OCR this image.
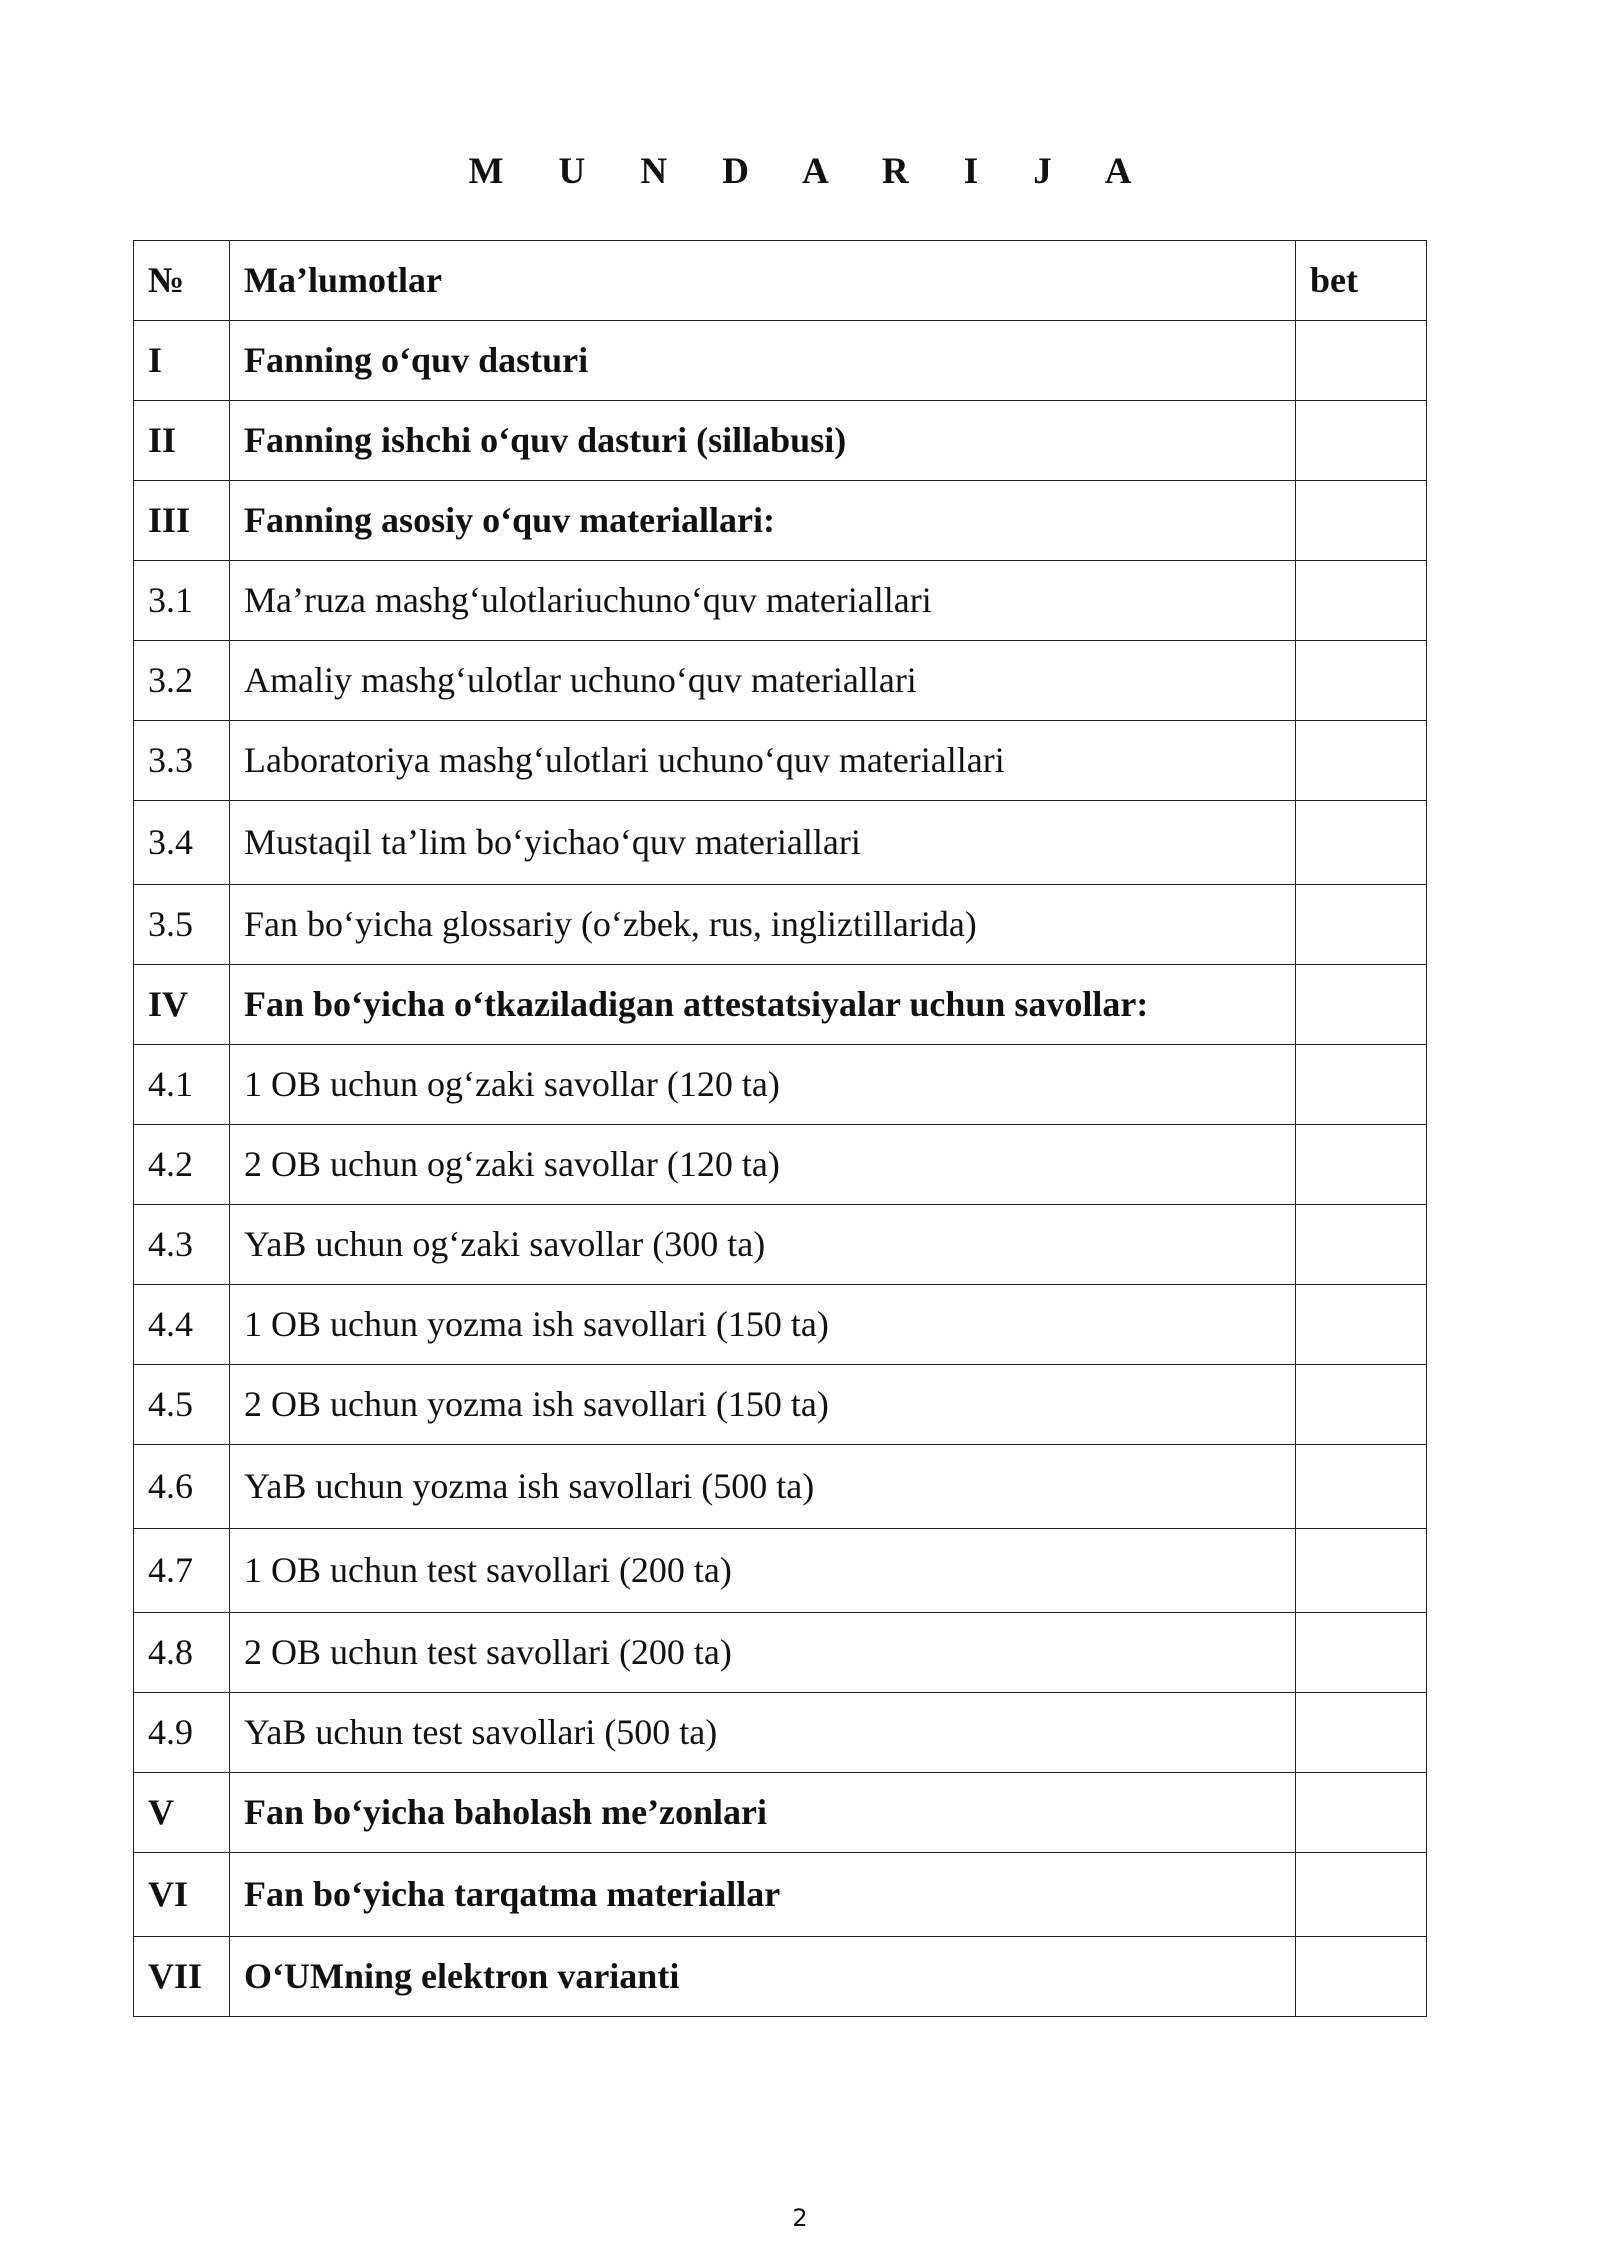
M U N D A R I J A
№	Ma’lumotlar	bet
I	Fanning o‘quv dasturi	
II	Fanning ishchi o‘quv dasturi (sillabusi)	
III	Fanning asosiy o‘quv materiallari:	
3.1	Ma’ruza mashg‘ulotlariuchuno‘quv materiallari	
3.2	Amaliy mashg‘ulotlar uchuno‘quv materiallari	
3.3	Laboratoriya mashg‘ulotlari uchuno‘quv materiallari	
3.4	Mustaqil ta’lim bo‘yichao‘quv materiallari	
3.5	Fan bo‘yicha glossariy (o‘zbek, rus, ingliztillarida)	
IV	Fan bo‘yicha o‘tkaziladigan attestatsiyalar uchun savollar:	
4.1	1 OB uchun og‘zaki savollar (120 ta)	
4.2	2 OB uchun og‘zaki savollar (120 ta)	
4.3	YaB uchun og‘zaki savollar (300 ta)	
4.4	1 OB uchun yozma ish savollari (150 ta)	
4.5	2 OB uchun yozma ish savollari (150 ta)	
4.6	YaB uchun yozma ish savollari (500 ta)	
4.7	1 OB uchun test savollari (200 ta)	
4.8	2 OB uchun test savollari (200 ta)	
4.9	YaB uchun test savollari (500 ta)	
V	Fan bo‘yicha baholash me’zonlari	
VI	Fan bo‘yicha tarqatma materiallar	
VII	O‘UMning elektron varianti	
2
